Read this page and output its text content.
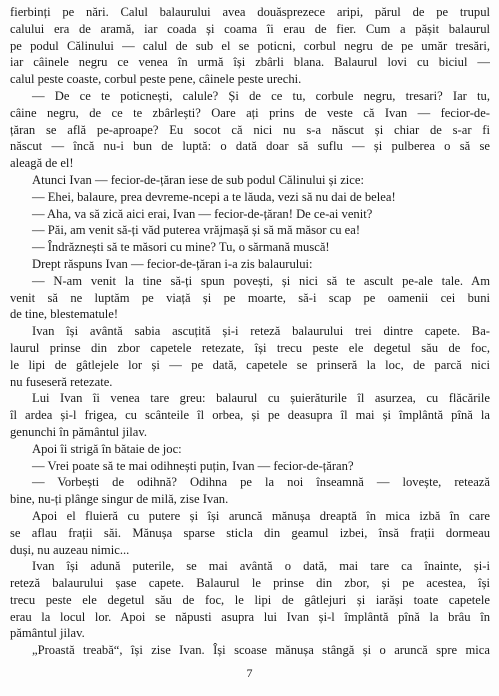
fierbinți pe nări. Calul balaurului avea douăsprezece aripi, părul de pe trupul
calului era de aramă, iar coada și coama îi erau de fier. Cum a pășit balaurul
pe podul Călinului — calul de sub el se poticni, corbul negru de pe umăr tresări,
iar câinele negru ce venea în urmă își zbârli blana. Balaurul lovi cu biciul —
calul peste coaste, corbul peste pene, câinele peste urechi.
— De ce te poticnești, calule? Și de ce tu, corbule negru, tresari? Iar tu,
câine negru, de ce te zbârlești? Oare ați prins de veste că Ivan — fecior-de-
țăran se află pe-aproape? Eu socot că nici nu s-a născut și chiar de s-ar fi
născut — încă nu-i bun de luptă: o dată doar să suflu — și pulberea o să se
aleagă de el!
Atunci Ivan — fecior-de-țăran iese de sub podul Călinului și zice:
— Ehei, balaure, prea devreme-ncepi a te lăuda, vezi să nu dai de belea!
— Aha, va să zică aici erai, Ivan — fecior-de-țăran! De ce-ai venit?
— Păi, am venit să-ți văd puterea vrăjmașă și să mă măsor cu ea!
— Îndrăznești să te măsori cu mine? Tu, o sărmană muscă!
Drept răspuns Ivan — fecior-de-țăran i-a zis balaurului:
— N-am venit la tine să-ți spun povești, și nici să te ascult pe-ale tale. Am
venit să ne luptăm pe viață și pe moarte, să-i scap pe oamenii cei buni
de tine, blestematule!
Ivan își avântă sabia ascuțită și-i reteză balaurului trei dintre capete. Ba-
laurul prinse din zbor capetele retezate, își trecu peste ele degetul său de foc,
le lipi de gâtlejele lor și — pe dată, capetele se prinseră la loc, de parcă nici
nu fuseseră retezate.
Lui Ivan îi venea tare greu: balaurul cu șuierăturile îl asurzea, cu flăcările
îl ardea și-l frigea, cu scânteile îl orbea, și pe deasupra îl mai și împlântă pînă la
genunchi în pământul jilav.
Apoi îi strigă în bătaie de joc:
— Vrei poate să te mai odihnești puțin, Ivan — fecior-de-țăran?
— Vorbești de odihnă? Odihna pe la noi înseamnă — lovește, retează
bine, nu-ți plânge singur de milă, zise Ivan.
Apoi el fluieră cu putere și își aruncă mănușa dreaptă în mica izbă în care
se aflau frații săi. Mănușa sparse sticla din geamul izbei, însă frații dormeau
duși, nu auzeau nimic...
Ivan își adună puterile, se mai avântă o dată, mai tare ca înainte, și-i
reteză balaurului șase capete. Balaurul le prinse din zbor, și pe acestea, își
trecu peste ele degetul său de foc, le lipi de gâtlejuri și iarăși toate capetele
erau la locul lor. Apoi se năpusti asupra lui Ivan și-l împlântă pînă la brâu în
pământul jilav.
„Proastă treabă“, își zise Ivan. Își scoase mănușa stângă și o aruncă spre mica
7
